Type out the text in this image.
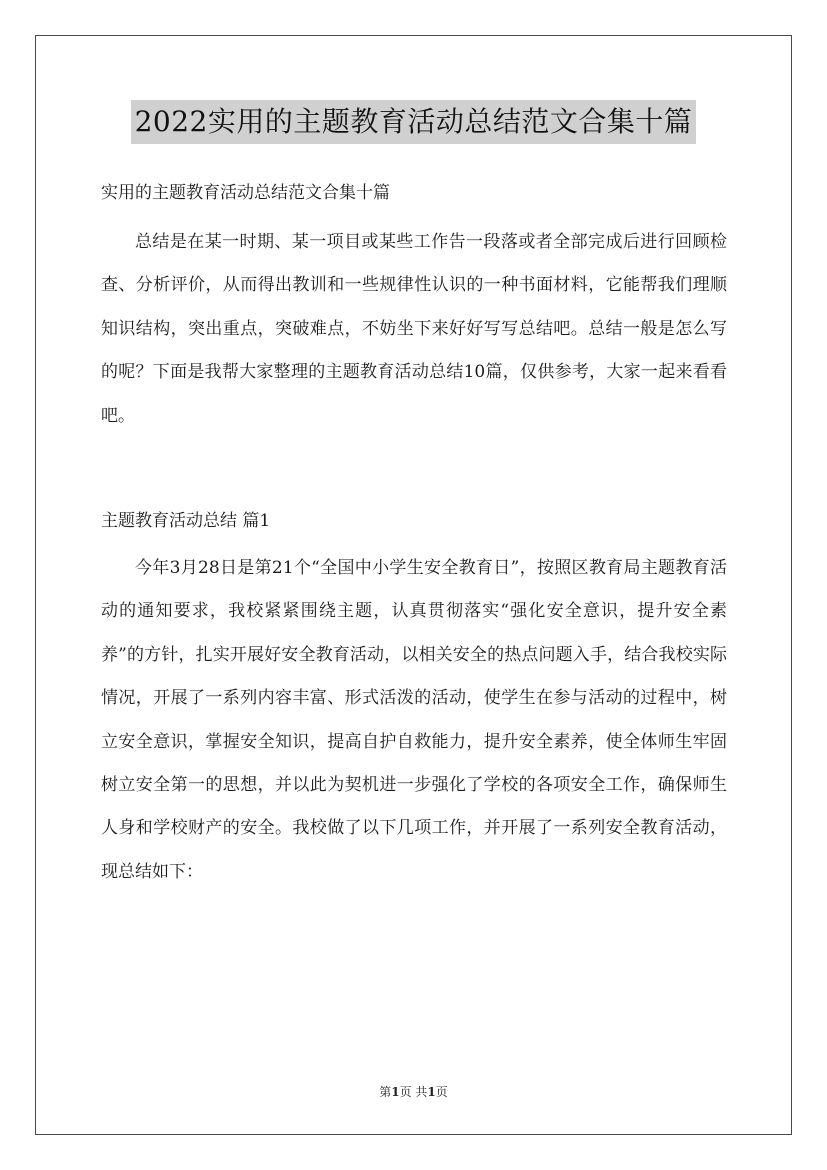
2022实用的主题教育活动总结范文合集十篇
实用的主题教育活动总结范文合集十篇

总结是在某一时期、某一项目或某些工作告一段落或者全部完成后进行回顾检查、分析评价，从而得出教训和一些规律性认识的一种书面材料，它能帮我们理顺知识结构，突出重点，突破难点，不妨坐下来好好写写总结吧。总结一般是怎么写的呢？下面是我帮大家整理的主题教育活动总结10篇，仅供参考，大家一起来看看吧。

主题教育活动总结 篇1

今年3月28日是第21个“全国中小学生安全教育日”，按照区教育局主题教育活动的通知要求，我校紧紧围绕主题，认真贯彻落实“强化安全意识，提升安全素养”的方针，扎实开展好安全教育活动，以相关安全的热点问题入手，结合我校实际情况，开展了一系列内容丰富、形式活泼的活动，使学生在参与活动的过程中，树立安全意识，掌握安全知识，提高自护自救能力，提升安全素养，使全体师生牢固树立安全第一的思想，并以此为契机进一步强化了学校的各项安全工作，确保师生人身和学校财产的安全。我校做了以下几项工作，并开展了一系列安全教育活动，现总结如下：

第1页 共1页
